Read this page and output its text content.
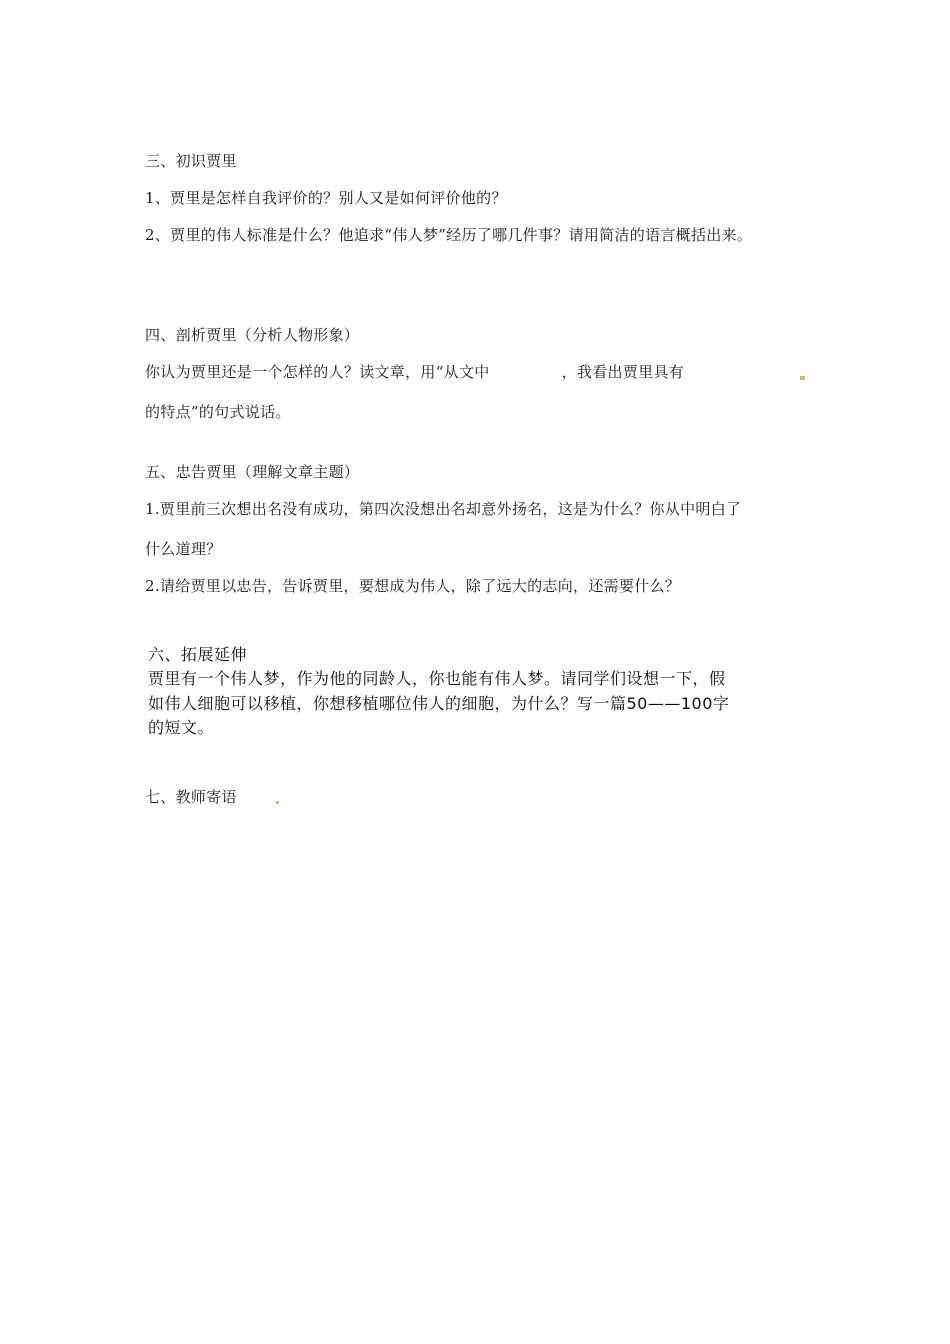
三、初识贾里
1、贾里是怎样自我评价的？别人又是如何评价他的？
2、贾里的伟人标准是什么？他追求“伟人梦”经历了哪几件事？请用简洁的语言概括出来。
四、剖析贾里（分析人物形象）
你认为贾里还是一个怎样的人？读文章，用“从文中	，我看出贾里具有
的特点”的句式说话。
五、忠告贾里（理解文章主题）
1.贾里前三次想出名没有成功，第四次没想出名却意外扬名，这是为什么？你从中明白了
什么道理？
2.请给贾里以忠告，告诉贾里，要想成为伟人，除了远大的志向，还需要什么？
六、拓展延伸
贾里有一个伟人梦，作为他的同龄人，你也能有伟人梦。请同学们设想一下，假
如伟人细胞可以移植，你想移植哪位伟人的细胞，为什么？写一篇50——100字
的短文。
七、教师寄语
